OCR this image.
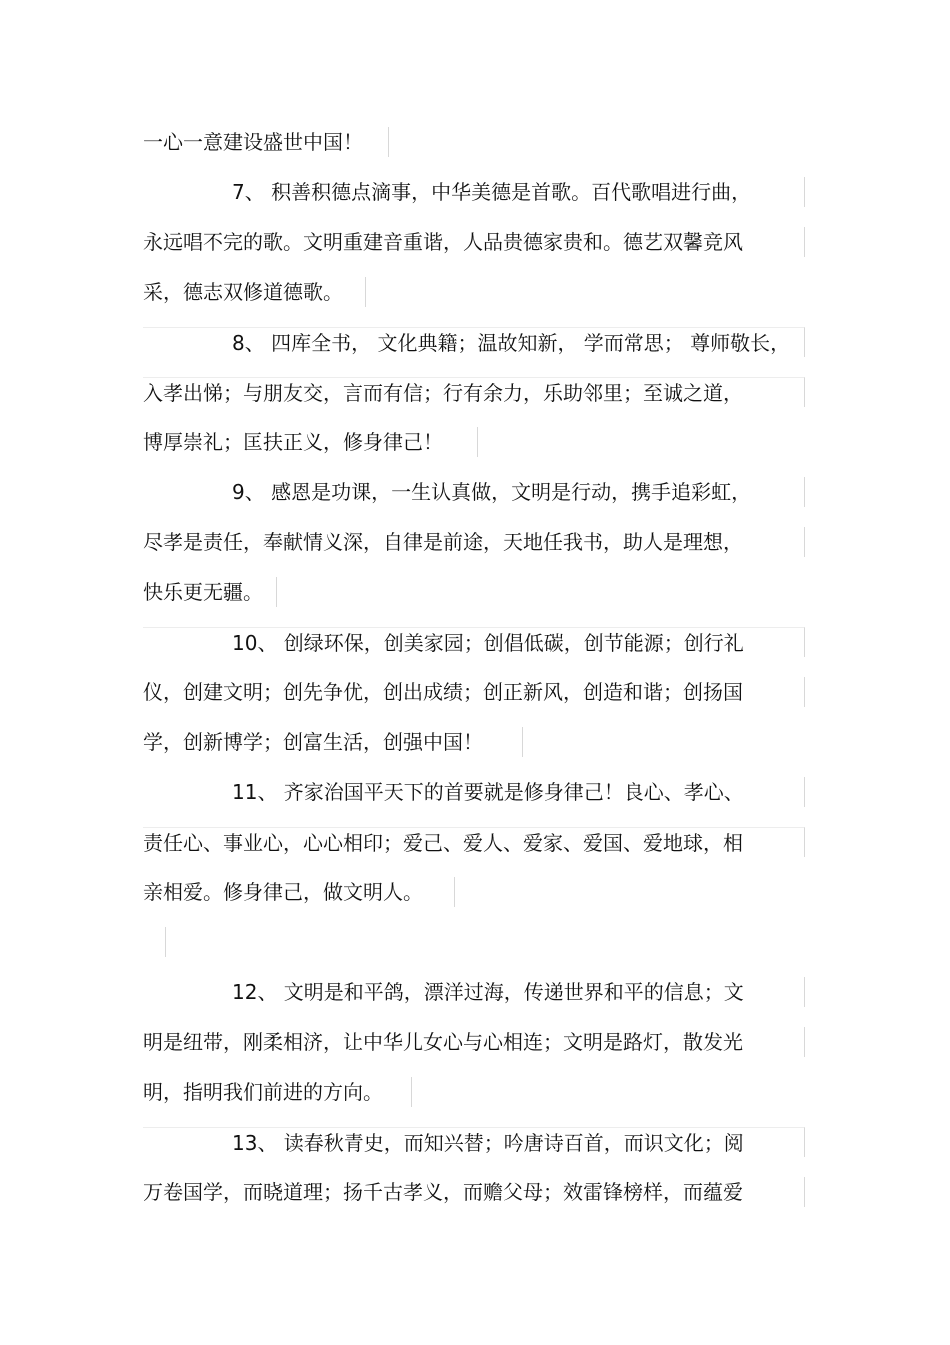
一心一意建设盛世中国！
7、 积善积德点滴事，中华美德是首歌。百代歌唱进行曲，
永远唱不完的歌。文明重建音重谐，人品贵德家贵和。德艺双馨竞风
采，德志双修道德歌。
8、 四库全书， 文化典籍；温故知新， 学而常思； 尊师敬长，
入孝出悌；与朋友交，言而有信；行有余力，乐助邻里；至诚之道，
博厚崇礼；匡扶正义，修身律己！
9、 感恩是功课，一生认真做，文明是行动，携手追彩虹，
尽孝是责任，奉献情义深，自律是前途，天地任我书，助人是理想，
快乐更无疆。
10、 创绿环保，创美家园；创倡低碳，创节能源；创行礼
仪，创建文明；创先争优，创出成绩；创正新风，创造和谐；创扬国
学，创新博学；创富生活，创强中国！
11、 齐家治国平天下的首要就是修身律己！良心、孝心、
责任心、事业心，心心相印；爱己、爱人、爱家、爱国、爱地球，相
亲相爱。修身律己，做文明人。
12、 文明是和平鸽，漂洋过海，传递世界和平的信息；文
明是纽带，刚柔相济，让中华儿女心与心相连；文明是路灯，散发光
明，指明我们前进的方向。
13、 读春秋青史，而知兴替；吟唐诗百首，而识文化；阅
万卷国学，而晓道理；扬千古孝义，而赡父母；效雷锋榜样，而蕴爱
